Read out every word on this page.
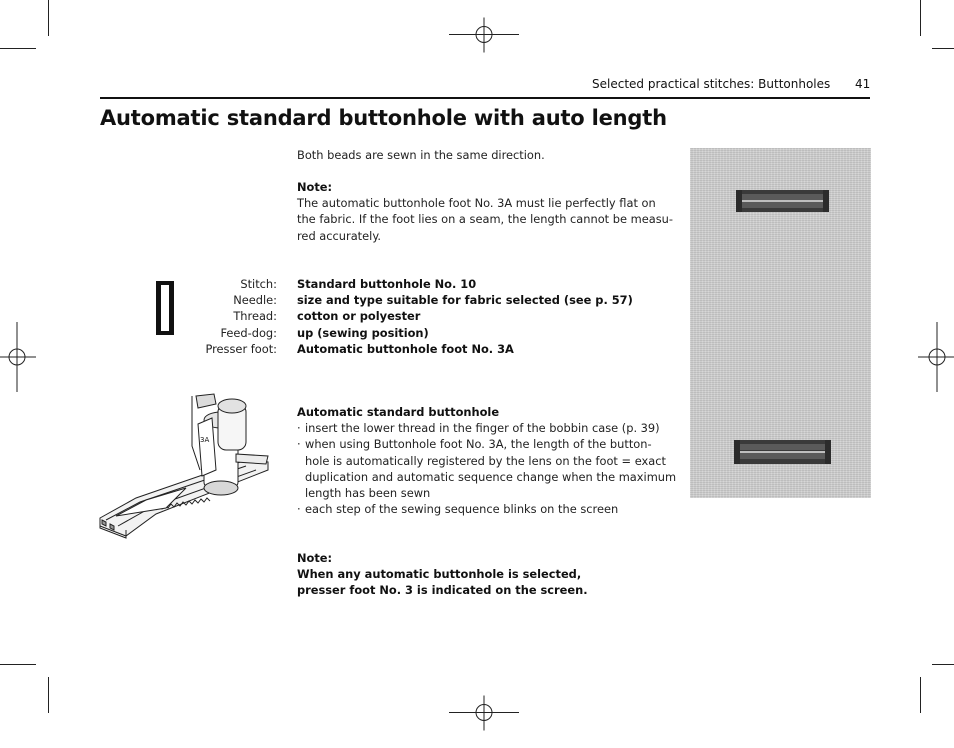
Selected practical stitches: Buttonholes 41
Automatic standard buttonhole with auto length
Both beads are sewn in the same direction.
Note:
The automatic buttonhole foot No. 3A must lie perfectly flat on
the fabric. If the foot lies on a seam, the length cannot be measu-
red accurately.
Stitch:
Needle:
Thread:
Feed-dog:
Presser foot:
Standard buttonhole No. 10
size and type suitable for fabric selected (see p. 57)
cotton or polyester
up (sewing position)
Automatic buttonhole foot No. 3A
3A
Automatic standard buttonhole
· insert the lower thread in the finger of the bobbin case (p. 39)
· when using Buttonhole foot No. 3A, the length of the button-
hole is automatically registered by the lens on the foot = exact
duplication and automatic sequence change when the maximum
length has been sewn
· each step of the sewing sequence blinks on the screen
Note:
When any automatic buttonhole is selected,
presser foot No. 3 is indicated on the screen.
